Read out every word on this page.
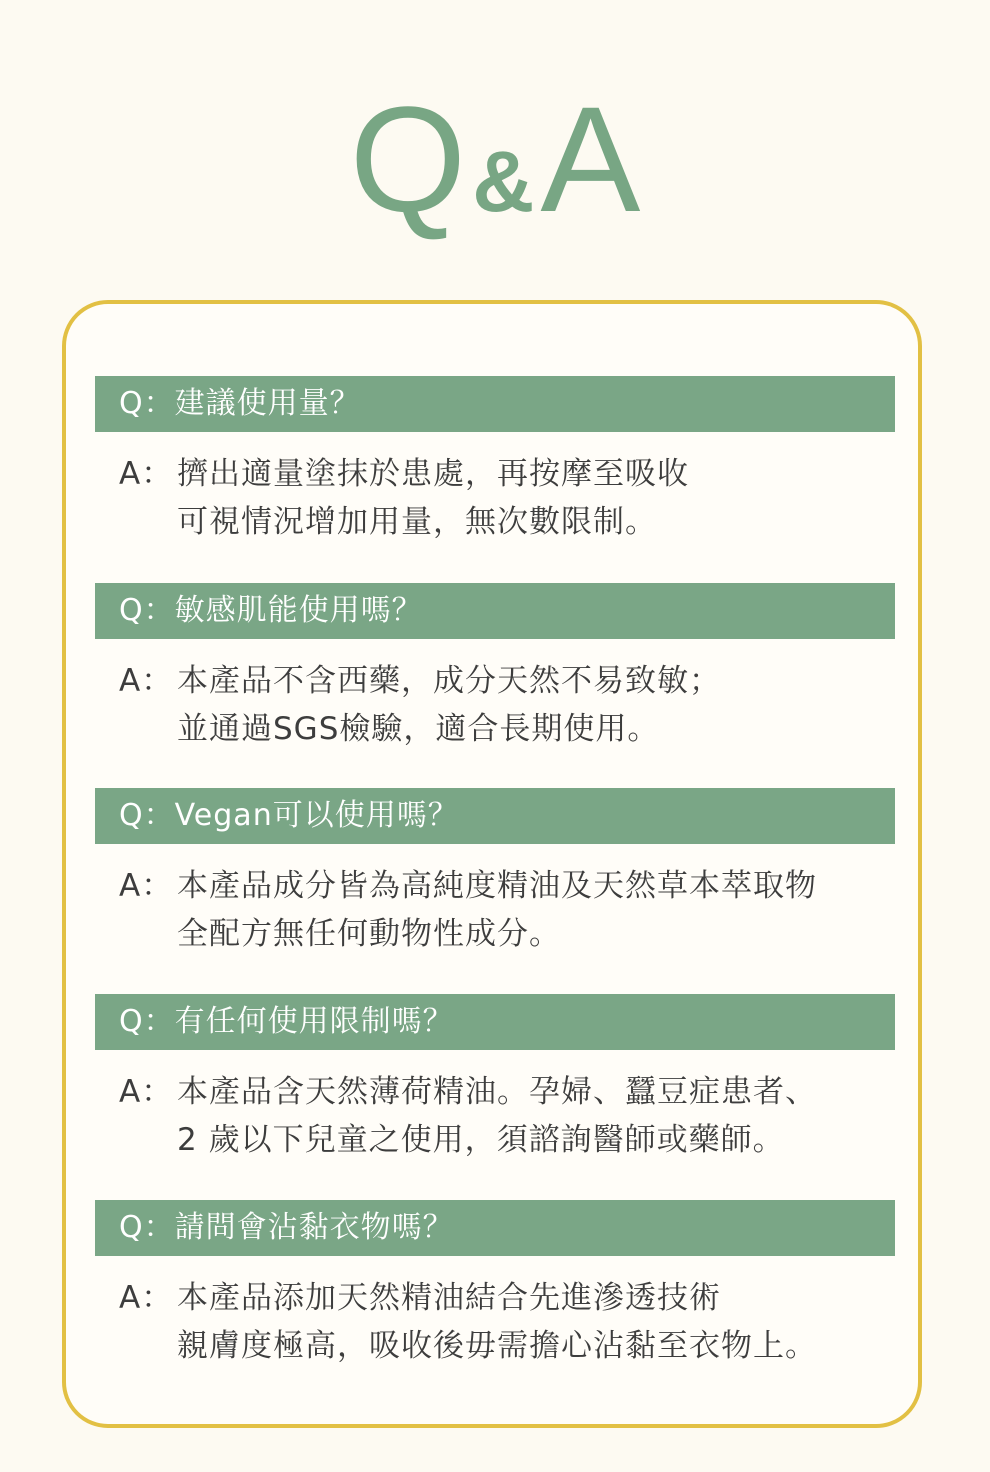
Q&A
Q：建議使用量？
A： 擠出適量塗抹於患處，再按摩至吸收
可視情況增加用量，無次數限制。
Q：敏感肌能使用嗎？
A： 本產品不含西藥，成分天然不易致敏；
並通過SGS檢驗，適合長期使用。
Q：Vegan可以使用嗎？
A： 本產品成分皆為高純度精油及天然草本萃取物
全配方無任何動物性成分。
Q：有任何使用限制嗎？
A： 本產品含天然薄荷精油。孕婦、蠶豆症患者、
2 歲以下兒童之使用，須諮詢醫師或藥師。
Q：請問會沾黏衣物嗎？
A： 本產品添加天然精油結合先進滲透技術
親膚度極高，吸收後毋需擔心沾黏至衣物上。
